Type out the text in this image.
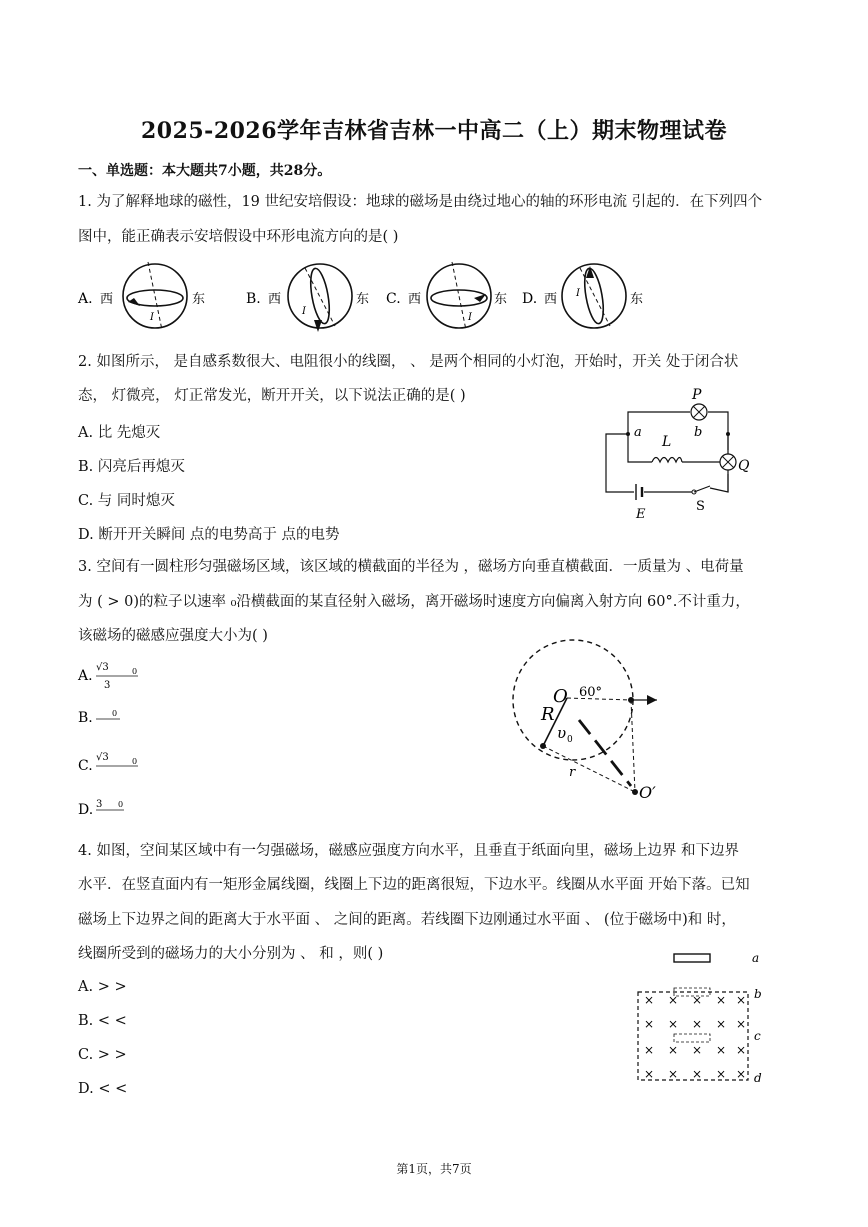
2025-2026学年吉林省吉林一中高二（上）期末物理试卷
一、单选题：本大题共7小题，共28分。
1. 为了解释地球的磁性，19 世纪安培假设：地球的磁场是由绕过地心的轴的环形电流 引起的．在下列四个
图中，能正确表示安培假设中环形电流方向的是( )
A. 西
I
东	B. 西
I
东 C. 西
I
东 D. 西 I	东
2. 如图所示， 是自感系数很大、电阻很小的线圈， 、 是两个相同的小灯泡，开始时，开关 处于闭合状
态， 灯微亮， 灯正常发光，断开开关，以下说法正确的是( )
A. 比 先熄灭
B. 闪亮后再熄灭
C. 与 同时熄灭
D. 断开开关瞬间 点的电势高于 点的电势
P
Q
L
a	b
E
S
3. 空间有一圆柱形匀强磁场区域，该区域的横截面的半径为 ，磁场方向垂直横截面．一质量为 、电荷量
为 ( > 0)的粒子以速率 ₀沿横截面的某直径射入磁场，离开磁场时速度方向偏离入射方向 60°.不计重力，
该磁场的磁感应强度大小为( )
A.
√3	0
3
B. 0
C.
√3	0
D. 3 0
O 60°
R
υ 0
r
O′
4. 如图，空间某区域中有一匀强磁场，磁感应强度方向水平，且垂直于纸面向里，磁场上边界 和下边界
水平．在竖直面内有一矩形金属线圈，线圈上下边的距离很短，下边水平。线圈从水平面 开始下落。已知
磁场上下边界之间的距离大于水平面 、 之间的距离。若线圈下边刚通过水平面 、 (位于磁场中)和 时，
线圈所受到的磁场力的大小分别为 、 和 ，则( )
A. > >
B. < <
C. > >
D. < <
× × × × ×
× × × × ×
× × × × ×
× × × × ×
a
b
c
d
第1页，共7页
